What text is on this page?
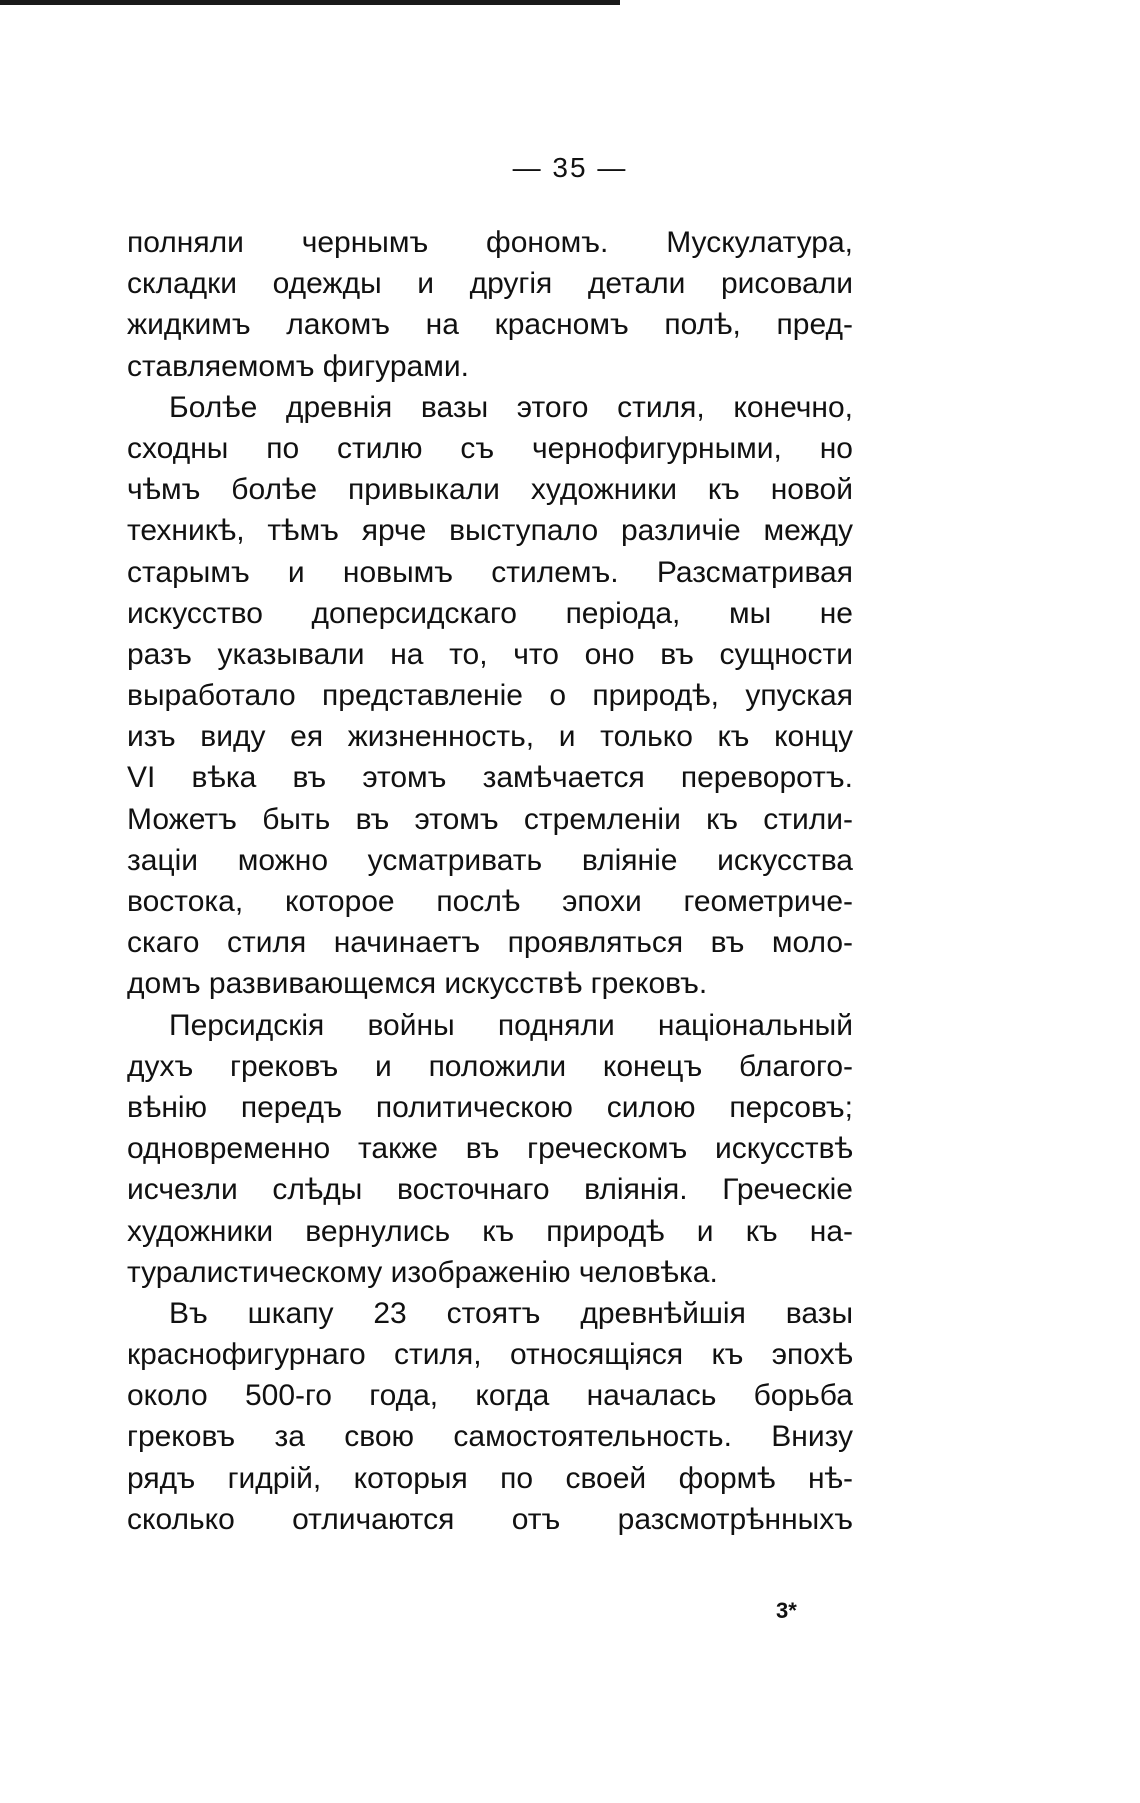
— 35 —
полняли чернымъ фономъ. Мускулатура,
складки одежды и другія детали рисовали
жидкимъ лакомъ на красномъ полѣ, пред-
ставляемомъ фигурами.
Болѣе древнія вазы этого стиля, конечно,
сходны по стилю съ чернофигурными, но
чѣмъ болѣе привыкали художники къ новой
техникѣ, тѣмъ ярче выступало различіе между
старымъ и новымъ стилемъ. Разсматривая
искусство доперсидскаго періода, мы не
разъ указывали на то, что оно въ сущности
выработало представленіе о природѣ, упуская
изъ виду ея жизненность, и только къ концу
VI вѣка въ этомъ замѣчается переворотъ.
Можетъ быть въ этомъ стремленіи къ стили-
заціи можно усматривать вліяніе искусства
востока, которое послѣ эпохи геометриче-
скаго стиля начинаетъ проявляться въ моло-
домъ развивающемся искусствѣ грековъ.
Персидскія войны подняли національный
духъ грековъ и положили конецъ благого-
вѣнію передъ политическою силою персовъ;
одновременно также въ греческомъ искусствѣ
исчезли слѣды восточнаго вліянія. Греческіе
художники вернулись къ природѣ и къ на-
туралистическому изображенію человѣка.
Въ шкапу 23 стоятъ древнѣйшія вазы
краснофигурнаго стиля, относящіяся къ эпохѣ
около 500-го года, когда началась борьба
грековъ за свою самостоятельность. Внизу
рядъ гидрій, которыя по своей формѣ нѣ-
сколько отличаются отъ разсмотрѣнныхъ
3*
